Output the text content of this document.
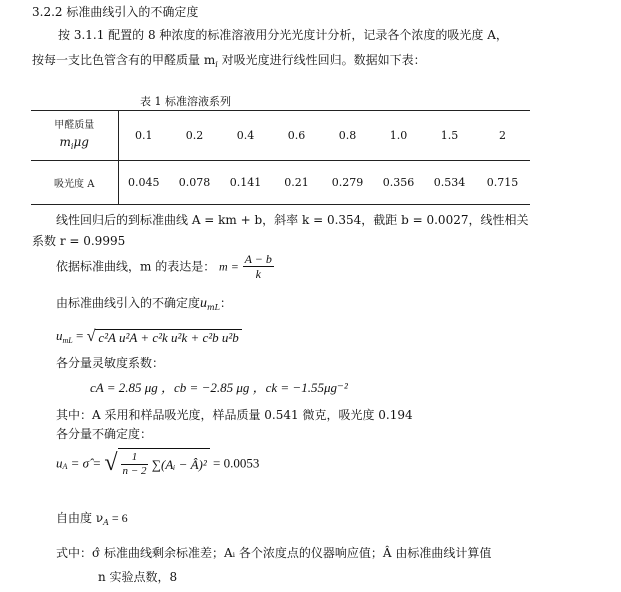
3.2.2 标准曲线引入的不确定度
按 3.1.1 配置的 8 种浓度的标准溶液用分光光度计分析，记录各个浓度的吸光度 A，
按每一支比色管含有的甲醛质量 $m_i$ 对吸光度进行线性回归。数据如下表：
表 1 标准溶液系列
甲醛质量
$m_i\mu g$	0.1	0.2	0.4	0.6	0.8	1.0	1.5	2
吸光度 A	0.045	0.078	0.141	0.21	0.279	0.356	0.534	0.715
线性回归后的到标准曲线 A = km + b，斜率 k = 0.354，截距 b = 0.0027，线性相关
系数 r = 0.9995
依据标准曲线，m 的表达是： $m = \frac{A - b}{k}$
由标准曲线引入的不确定度$u_{mL}$：
$u_{mL}$ = √ c²A u²A + c²k u²k + c²b u²b
各分量灵敏度系数：
cA = 2.85 μg ，cb = −2.85 μg ，ck = −1.55μg⁻²
其中：A 采用和样品吸光度，样品质量 0.541 微克，吸光度 0.194
各分量不确定度：
$u_A$ = σ̂ = √ $\frac{1}{n - 2}$ ∑(Aᵢ − Â)² = 0.0053
自由度 $\nu_A = 6$
式中：σ̂ 标准曲线剩余标准差；Aᵢ 各个浓度点的仪器响应值；Â 由标准曲线计算值
n 实验点数，8
